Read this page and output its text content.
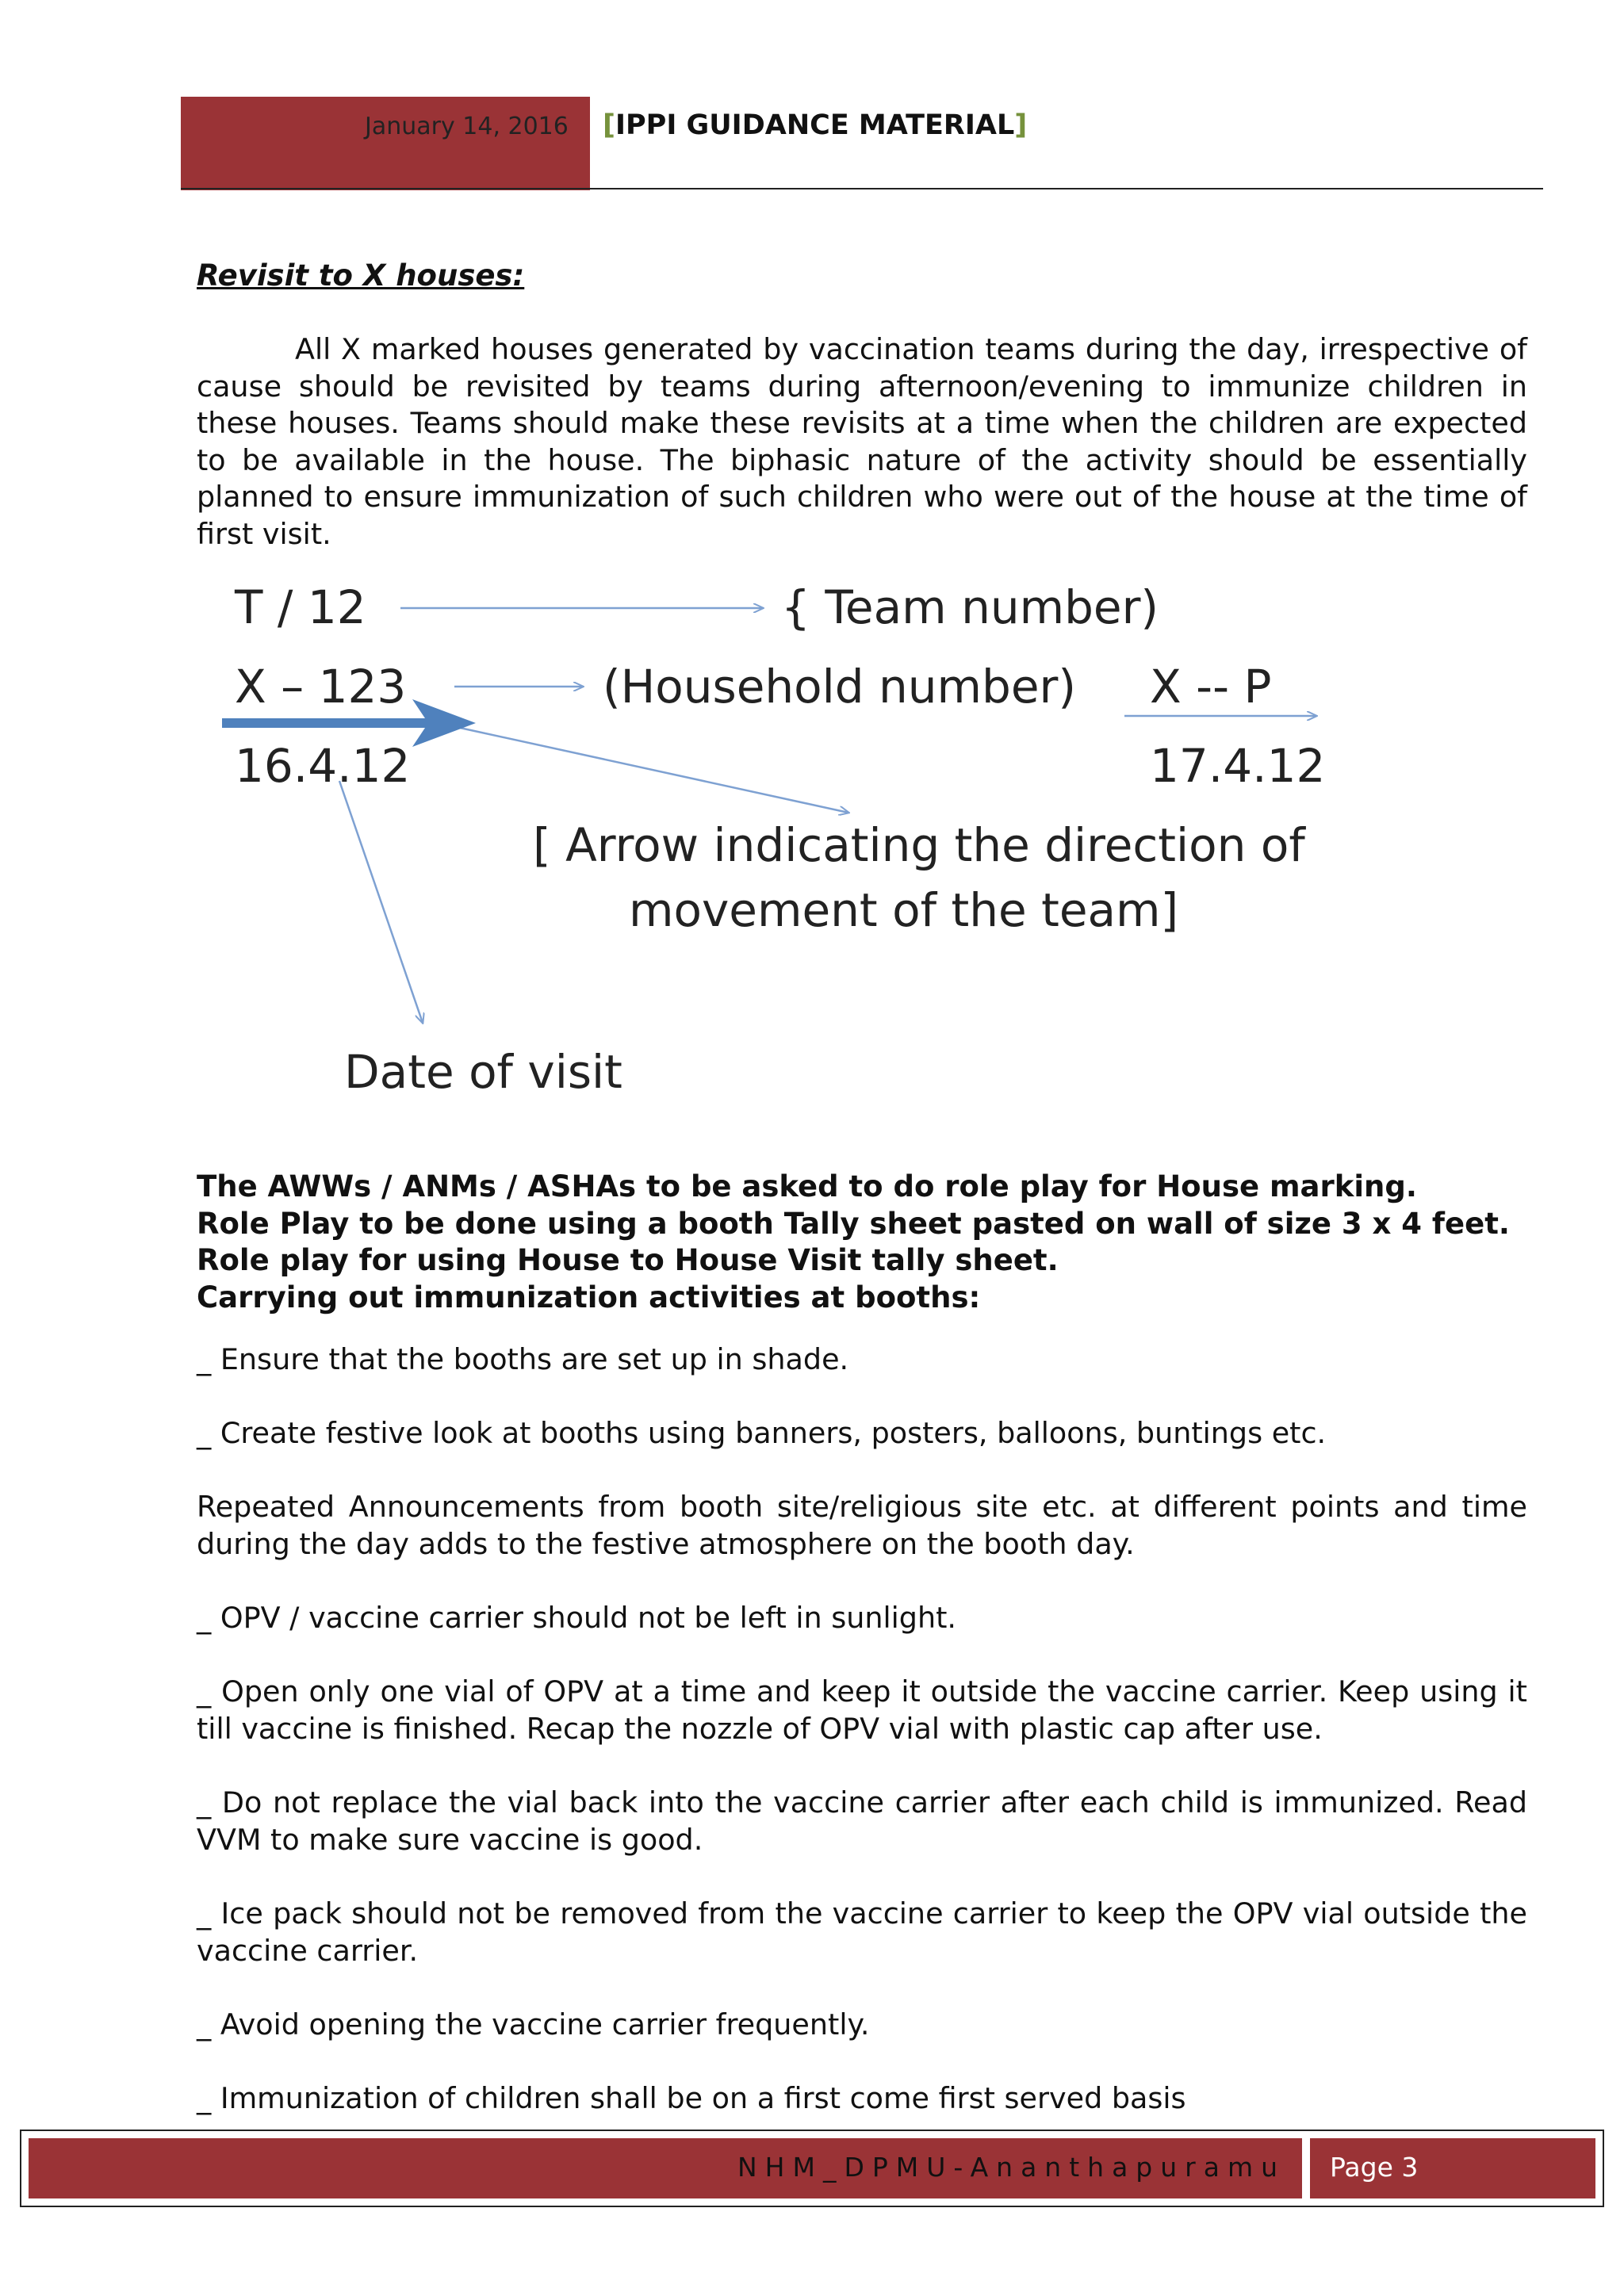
January 14, 2016 [IPPI GUIDANCE MATERIAL]
Revisit to X houses:
All X marked houses generated by vaccination teams during the day, irrespective of cause should be revisited by teams during afternoon/evening to immunize children in these houses. Teams should make these revisits at a time when the children are expected to be available in the house. The biphasic nature of the activity should be essentially planned to ensure immunization of such children who were out of the house at the time of first visit.
T / 12	{ Team number)
X – 123	(Household number) X -- P
16.4.12	17.4.12
[ Arrow indicating the direction of
movement of the team]
Date of visit
The AWWs / ANMs / ASHAs to be asked to do role play for House marking.
Role Play to be done using a booth Tally sheet pasted on wall of size 3 x 4 feet.
Role play for using House to House Visit tally sheet.
Carrying out immunization activities at booths:
_ Ensure that the booths are set up in shade.
_ Create festive look at booths using banners, posters, balloons, buntings etc.
Repeated Announcements from booth site/religious site etc. at different points and time during the day adds to the festive atmosphere on the booth day.
_ OPV / vaccine carrier should not be left in sunlight.
_ Open only one vial of OPV at a time and keep it outside the vaccine carrier. Keep using it till vaccine is finished. Recap the nozzle of OPV vial with plastic cap after use.
_ Do not replace the vial back into the vaccine carrier after each child is immunized. Read VVM to make sure vaccine is good.
_ Ice pack should not be removed from the vaccine carrier to keep the OPV vial outside the vaccine carrier.
_ Avoid opening the vaccine carrier frequently.
_ Immunization of children shall be on a first come first served basis
NHM_DPMU-Ananthapuramu Page 3
